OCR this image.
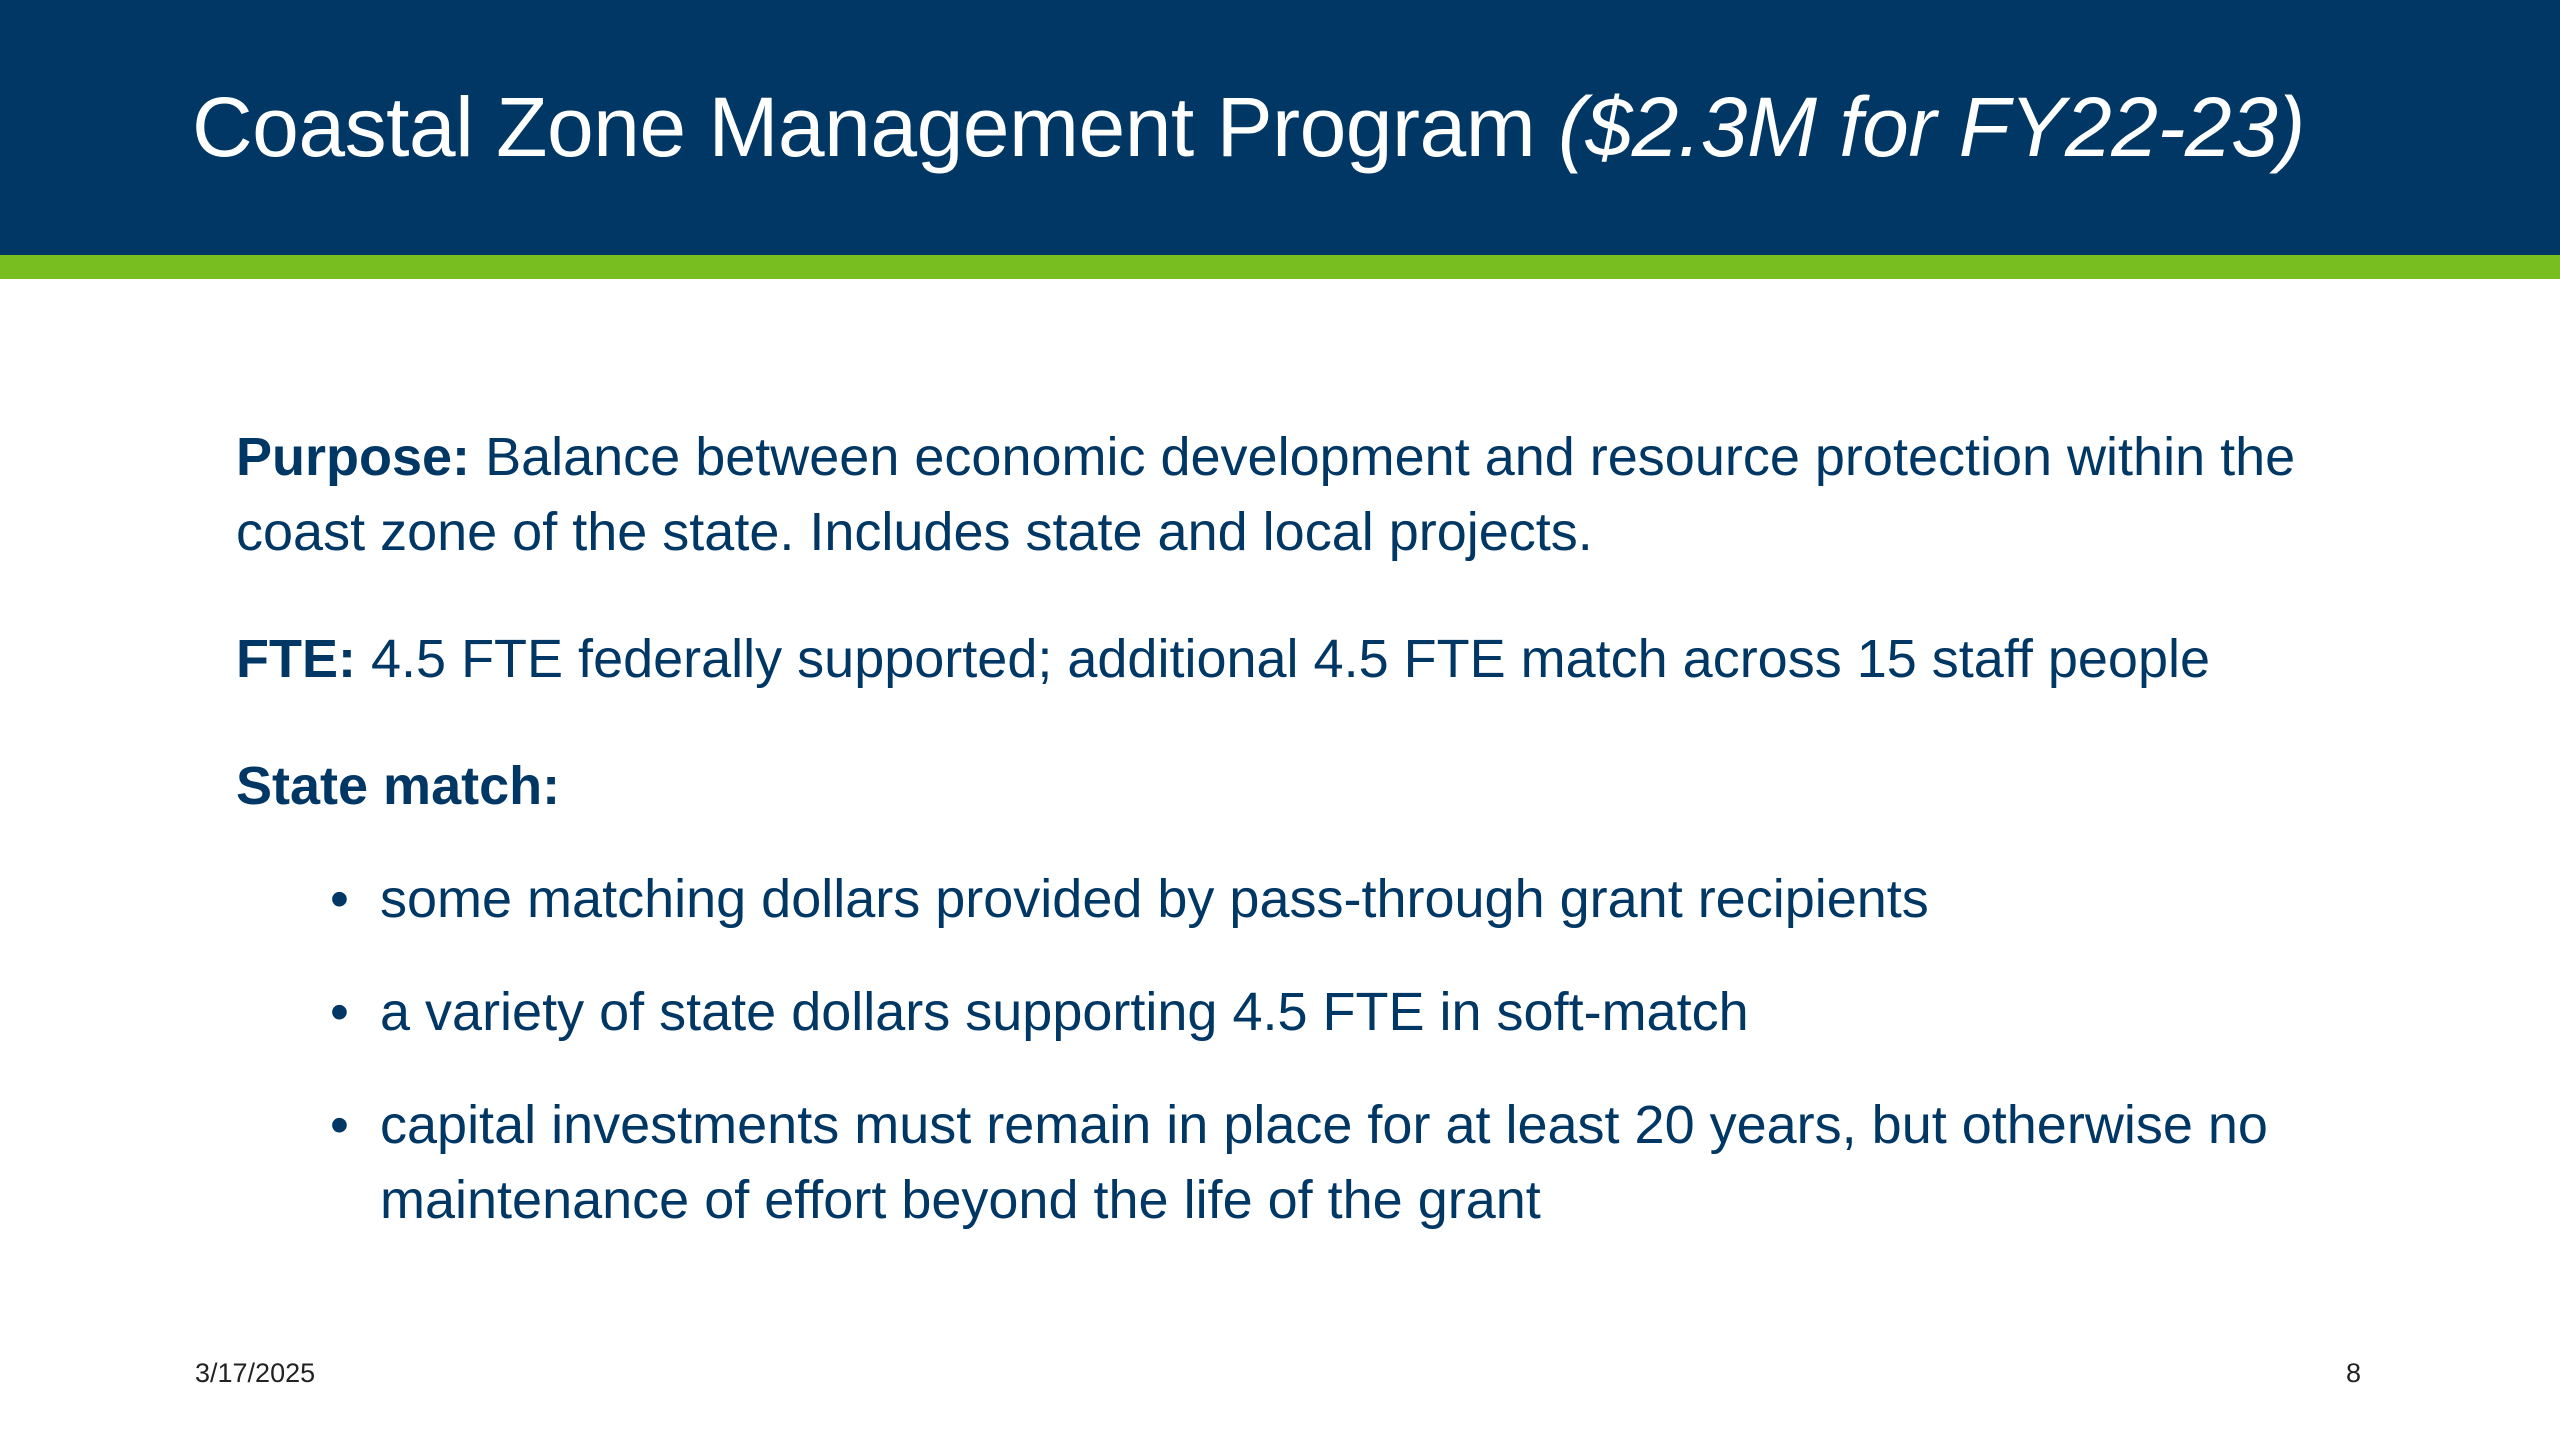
Coastal Zone Management Program ($2.3M for FY22-23)

Purpose: Balance between economic development and resource protection within the coast zone of the state. Includes state and local projects.

FTE: 4.5 FTE federally supported; additional 4.5 FTE match across 15 staff people

State match:

• some matching dollars provided by pass-through grant recipients
• a variety of state dollars supporting 4.5 FTE in soft-match
• capital investments must remain in place for at least 20 years, but otherwise no maintenance of effort beyond the life of the grant
3/17/2025	8
